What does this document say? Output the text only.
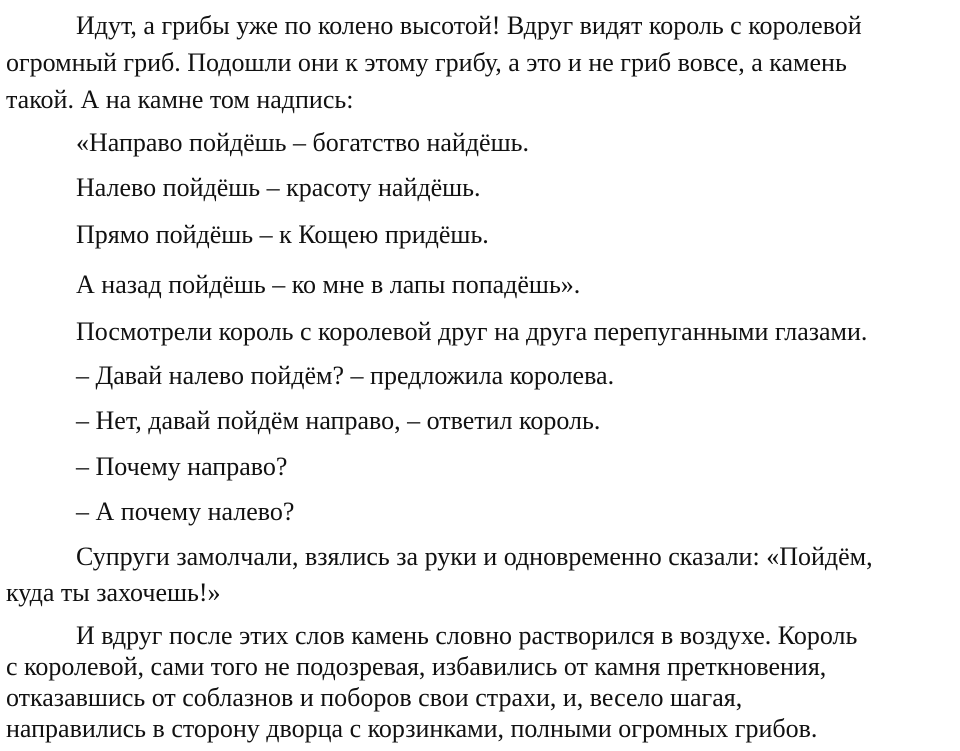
Идут, а грибы уже по колено высотой! Вдруг видят король с королевой

огромный гриб. Подошли они к этому грибу, а это и не гриб вовсе, а камень

такой. А на камне том надпись:

«Направо пойдёшь – богатство найдёшь.

Налево пойдёшь – красоту найдёшь.

Прямо пойдёшь – к Кощею придёшь.

А назад пойдёшь – ко мне в лапы попадёшь».

Посмотрели король с королевой друг на друга перепуганными глазами.

– Давай налево пойдём? – предложила королева.

– Нет, давай пойдём направо, – ответил король.

– Почему направо?

– А почему налево?

Супруги замолчали, взялись за руки и одновременно сказали: «Пойдём,

куда ты захочешь!»

И вдруг после этих слов камень словно растворился в воздухе. Король

с королевой, сами того не подозревая, избавились от камня преткновения,

отказавшись от соблазнов и поборов свои страхи, и, весело шагая,

направились в сторону дворца с корзинками, полными огромных грибов.
